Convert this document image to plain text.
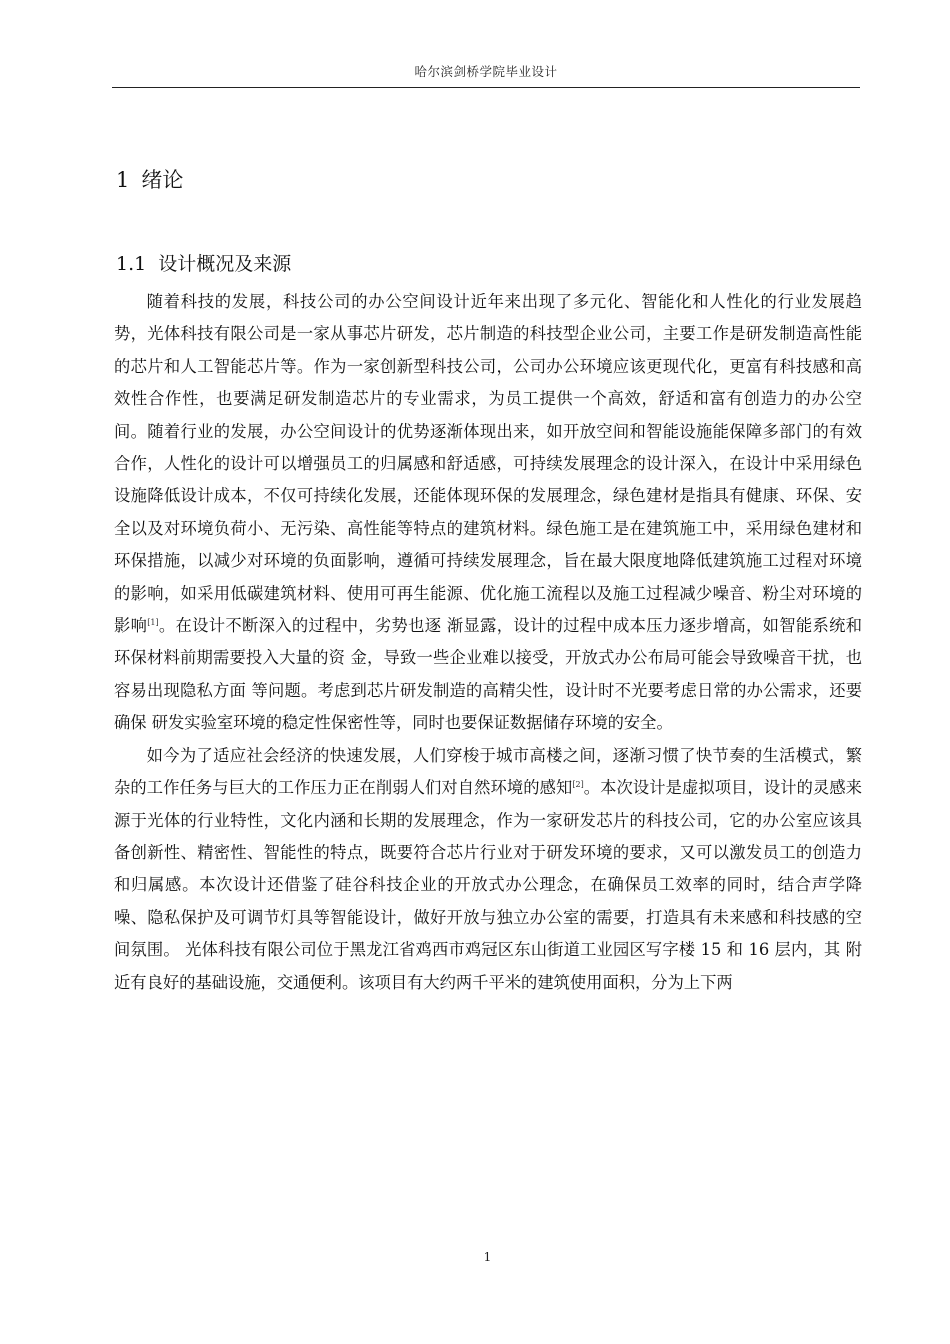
哈尔滨剑桥学院毕业设计
1 绪论
1.1 设计概况及来源

随着科技的发展，科技公司的办公空间设计近年来出现了多元化、智能化和人性化的行业发展趋势，光体科技有限公司是一家从事芯片研发，芯片制造的科技型企业公司，主要工作是研发制造高性能的芯片和人工智能芯片等。作为一家创新型科技公司，公司办公环境应该更现代化，更富有科技感和高效性合作性，也要满足研发制造芯片的专业需求，为员工提供一个高效，舒适和富有创造力的办公空间。随着行业的发展，办公空间设计的优势逐渐体现出来，如开放空间和智能设施能保障多部门的有效合作，人性化的设计可以增强员工的归属感和舒适感，可持续发展理念的设计深入，在设计中采用绿色设施降低设计成本，不仅可持续化发展，还能体现环保的发展理念，绿色建材是指具有健康、环保、安全以及对环境负荷小、无污染、高性能等特点的建筑材料。绿色施工是在建筑施工中，采用绿色建材和环保措施，以减少对环境的负面影响，遵循可持续发展理念，旨在最大限度地降低建筑施工过程对环境的影响，如采用低碳建筑材料、使用可再生能源、优化施工流程以及施工过程减少噪音、粉尘对环境的影响[1]。在设计不断深入的过程中，劣势也逐 渐显露，设计的过程中成本压力逐步增高，如智能系统和环保材料前期需要投入大量的资 金，导致一些企业难以接受，开放式办公布局可能会导致噪音干扰，也容易出现隐私方面 等问题。考虑到芯片研发制造的高精尖性，设计时不光要考虑日常的办公需求，还要确保 研发实验室环境的稳定性保密性等，同时也要保证数据储存环境的安全。

如今为了适应社会经济的快速发展，人们穿梭于城市高楼之间，逐渐习惯了快节奏的生活模式，繁杂的工作任务与巨大的工作压力正在削弱人们对自然环境的感知[2]。本次设计是虚拟项目，设计的灵感来源于光体的行业特性，文化内涵和长期的发展理念，作为一家研发芯片的科技公司，它的办公室应该具备创新性、精密性、智能性的特点，既要符合芯片行业对于研发环境的要求，又可以激发员工的创造力和归属感。本次设计还借鉴了硅谷科技企业的开放式办公理念，在确保员工效率的同时，结合声学降噪、隐私保护及可调节灯具等智能设计，做好开放与独立办公室的需要，打造具有未来感和科技感的空间氛围。 光体科技有限公司位于黑龙江省鸡西市鸡冠区东山街道工业园区写字楼 15 和 16 层内，其 附近有良好的基础设施，交通便利。该项目有大约两千平米的建筑使用面积，分为上下两

1
